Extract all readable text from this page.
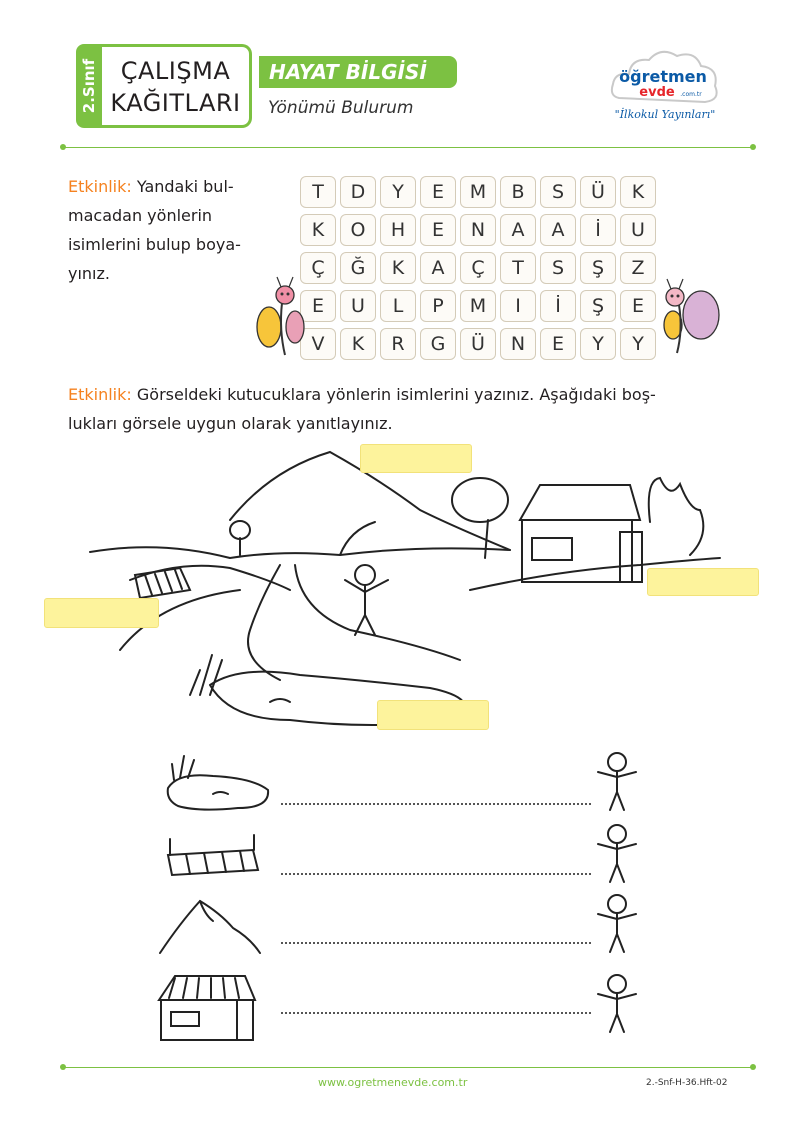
2.Sınıf ÇALIŞMA
KAĞITLARI
HAYAT BİLGİSİ
Yönümü Bulurum
öğretmen
evde .com.tr
"İlkokul Yayınları"
Etkinlik: Yandaki bul-
macadan yönlerin
isimlerini bulup boya-
yınız.
T	D	Y	E	M	B	S	Ü	K
K	O	H	E	N	A	A	İ	U
Ç	Ğ	K	A	Ç	T	S	Ş	Z
E	U	L	P	M	I	İ	Ş	E
V	K	R	G	Ü	N	E	Y	Y
Etkinlik: Görseldeki kutucuklara yönlerin isimlerini yazınız. Aşağıdaki boş-
lukları görsele uygun olarak yanıtlayınız.
www.ogretmenevde.com.tr	2.-Snf-H-36.Hft-02
